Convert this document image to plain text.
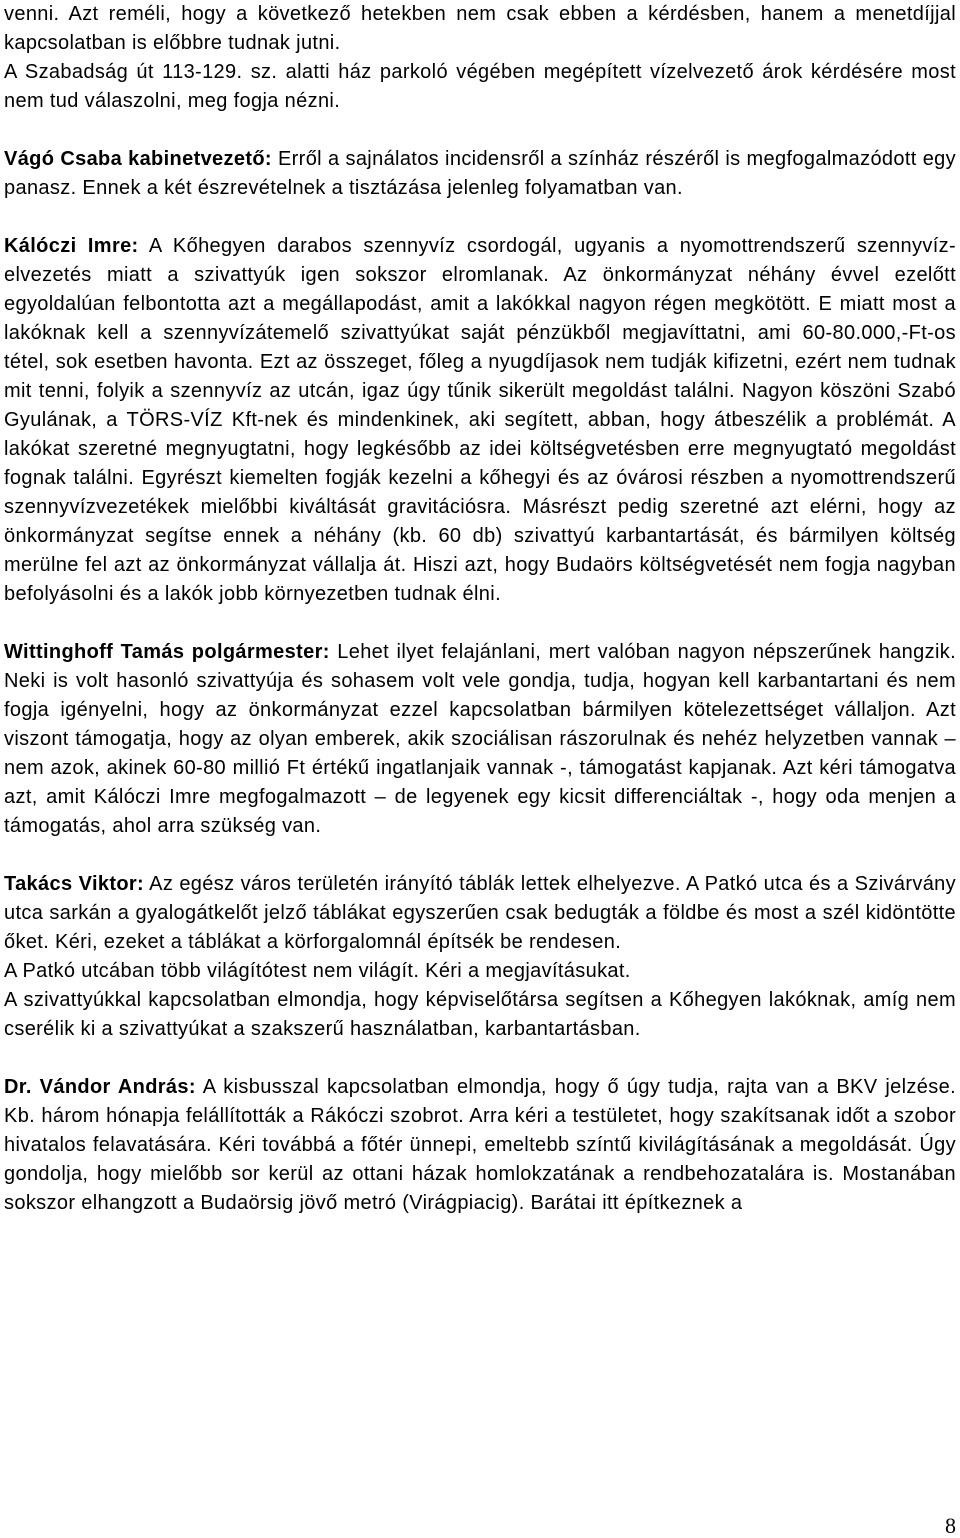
venni. Azt reméli, hogy a következő hetekben nem csak ebben a kérdésben, hanem a menetdíjjal kapcsolatban is előbbre tudnak jutni.

A Szabadság út 113-129. sz. alatti ház parkoló végében megépített vízelvezető árok kérdésére most nem tud válaszolni, meg fogja nézni.

Vágó Csaba kabinetvezető: Erről a sajnálatos incidensről a színház részéről is megfogalmazódott egy panasz. Ennek a két észrevételnek a tisztázása jelenleg folyamatban van.

Kálóczi Imre: A Kőhegyen darabos szennyvíz csordogál, ugyanis a nyomottrendszerű szennyvíz-elvezetés miatt a szivattyúk igen sokszor elromlanak. Az önkormányzat néhány évvel ezelőtt egyoldalúan felbontotta azt a megállapodást, amit a lakókkal nagyon régen megkötött. E miatt most a lakóknak kell a szennyvízátemelő szivattyúkat saját pénzükből megjavíttatni, ami 60-80.000,-Ft-os tétel, sok esetben havonta. Ezt az összeget, főleg a nyugdíjasok nem tudják kifizetni, ezért nem tudnak mit tenni, folyik a szennyvíz az utcán, igaz úgy tűnik sikerült megoldást találni. Nagyon köszöni Szabó Gyulának, a TÖRS-VÍZ Kft-nek és mindenkinek, aki segített, abban, hogy átbeszélik a problémát. A lakókat szeretné megnyugtatni, hogy legkésőbb az idei költségvetésben erre megnyugtató megoldást fognak találni. Egyrészt kiemelten fogják kezelni a kőhegyi és az óvárosi részben a nyomottrendszerű szennyvízvezetékek mielőbbi kiváltását gravitációsra. Másrészt pedig szeretné azt elérni, hogy az önkormányzat segítse ennek a néhány (kb. 60 db) szivattyú karbantartását, és bármilyen költség merülne fel azt az önkormányzat vállalja át. Hiszi azt, hogy Budaörs költségvetését nem fogja nagyban befolyásolni és a lakók jobb környezetben tudnak élni.

Wittinghoff Tamás polgármester: Lehet ilyet felajánlani, mert valóban nagyon népszerűnek hangzik. Neki is volt hasonló szivattyúja és sohasem volt vele gondja, tudja, hogyan kell karbantartani és nem fogja igényelni, hogy az önkormányzat ezzel kapcsolatban bármilyen kötelezettséget vállaljon. Azt viszont támogatja, hogy az olyan emberek, akik szociálisan rászorulnak és nehéz helyzetben vannak – nem azok, akinek 60-80 millió Ft értékű ingatlanjaik vannak -, támogatást kapjanak. Azt kéri támogatva azt, amit Kálóczi Imre megfogalmazott – de legyenek egy kicsit differenciáltak -, hogy oda menjen a támogatás, ahol arra szükség van.

Takács Viktor: Az egész város területén irányító táblák lettek elhelyezve. A Patkó utca és a Szivárvány utca sarkán a gyalogátkelőt jelző táblákat egyszerűen csak bedugták a földbe és most a szél kidöntötte őket. Kéri, ezeket a táblákat a körforgalomnál építsék be rendesen.

A Patkó utcában több világítótest nem világít. Kéri a megjavításukat.

A szivattyúkkal kapcsolatban elmondja, hogy képviselőtársa segítsen a Kőhegyen lakóknak, amíg nem cserélik ki a szivattyúkat a szakszerű használatban, karbantartásban.

Dr. Vándor András: A kisbusszal kapcsolatban elmondja, hogy ő úgy tudja, rajta van a BKV jelzése. Kb. három hónapja felállították a Rákóczi szobrot. Arra kéri a testületet, hogy szakítsanak időt a szobor hivatalos felavatására. Kéri továbbá a főtér ünnepi, emeltebb színtű kivilágításának a megoldását. Úgy gondolja, hogy mielőbb sor kerül az ottani házak homlokzatának a rendbehozatalára is. Mostanában sokszor elhangzott a Budaörsig jövő metró (Virágpiacig). Barátai itt építkeznek a

8
